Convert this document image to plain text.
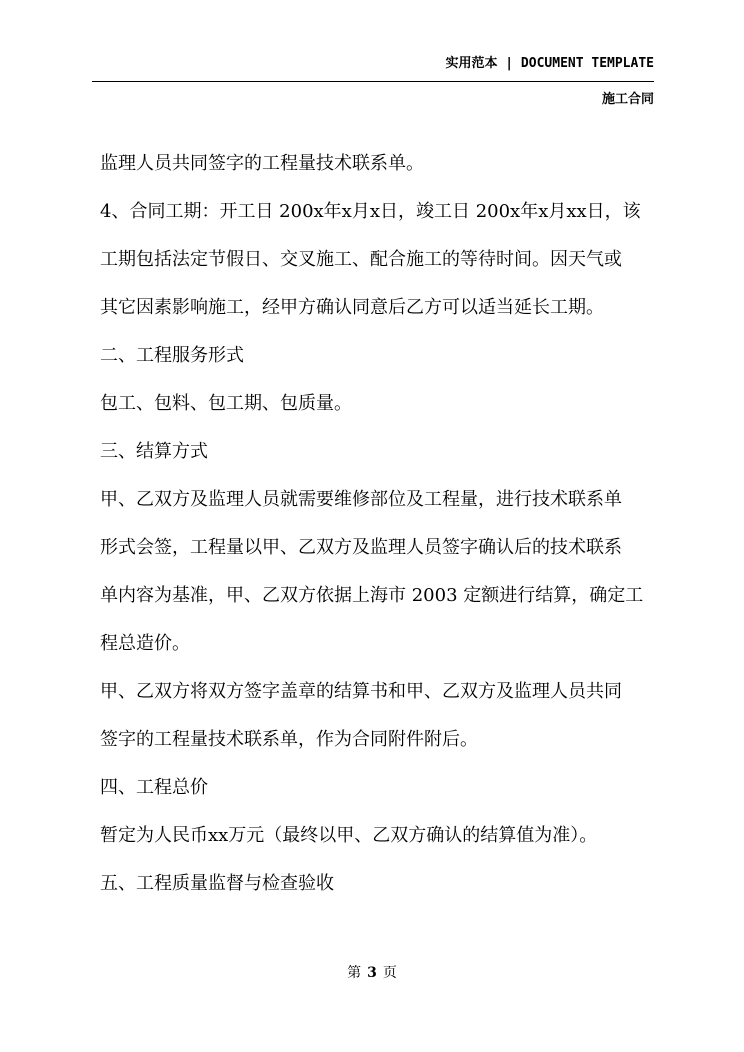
实用范本 | DOCUMENT TEMPLATE
施工合同
监理人员共同签字的工程量技术联系单。
4、合同工期：开工日 200x年x月x日，竣工日 200x年x月xx日，该
工期包括法定节假日、交叉施工、配合施工的等待时间。因天气或
其它因素影响施工，经甲方确认同意后乙方可以适当延长工期。
二、工程服务形式
包工、包料、包工期、包质量。
三、结算方式
甲、乙双方及监理人员就需要维修部位及工程量，进行技术联系单
形式会签，工程量以甲、乙双方及监理人员签字确认后的技术联系
单内容为基准，甲、乙双方依据上海市 2003 定额进行结算，确定工
程总造价。
甲、乙双方将双方签字盖章的结算书和甲、乙双方及监理人员共同
签字的工程量技术联系单，作为合同附件附后。
四、工程总价
暂定为人民币xx万元（最终以甲、乙双方确认的结算值为准）。
五、工程质量监督与检查验收
第 3 页
